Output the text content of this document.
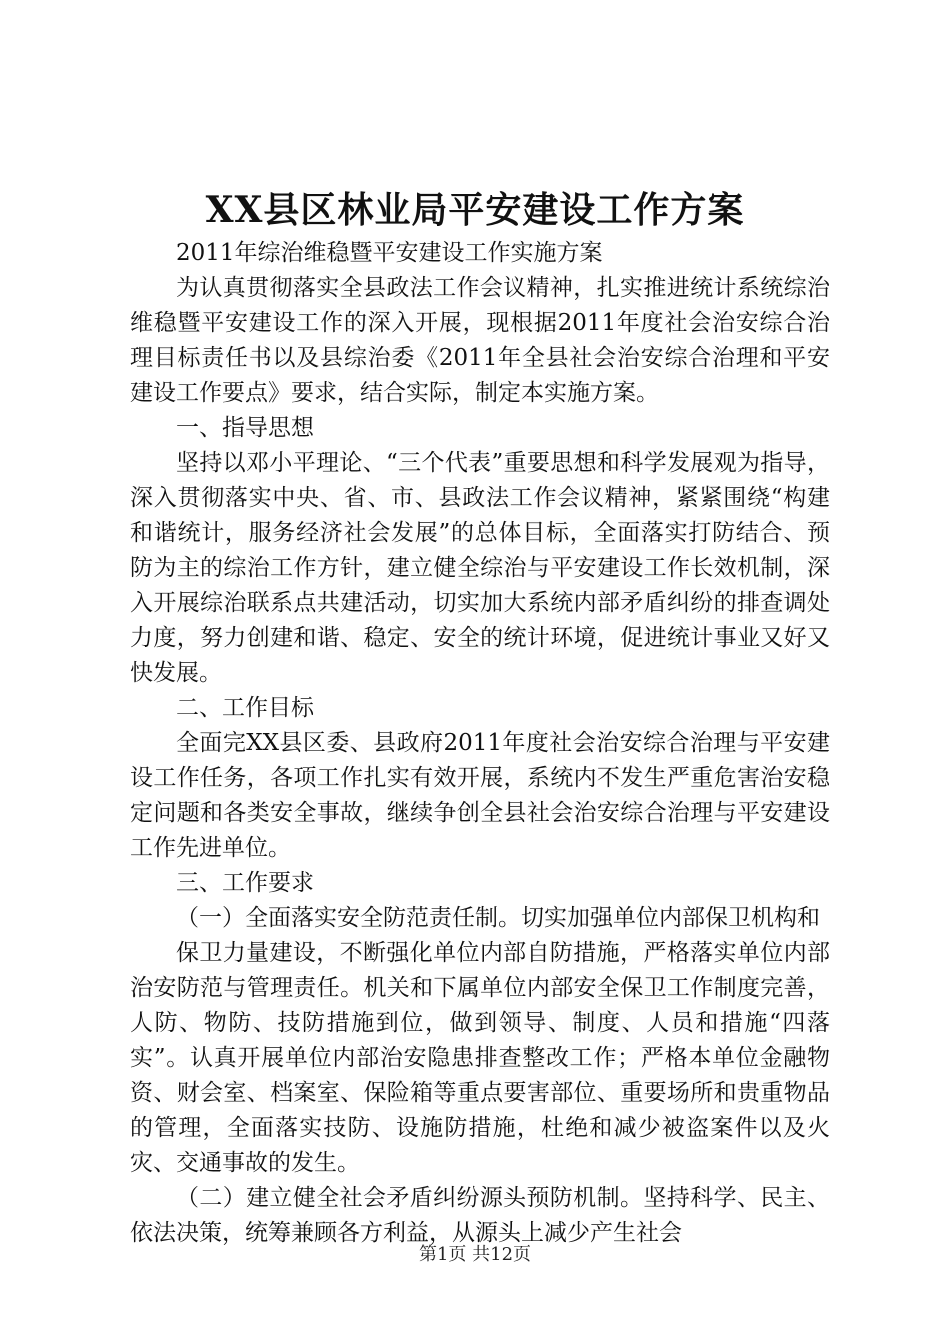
XX县区林业局平安建设工作方案

2011年综治维稳暨平安建设工作实施方案

为认真贯彻落实全县政法工作会议精神，扎实推进统计系统综治维稳暨平安建设工作的深入开展，现根据2011年度社会治安综合治理目标责任书以及县综治委《2011年全县社会治安综合治理和平安建设工作要点》要求，结合实际，制定本实施方案。

一、指导思想

坚持以邓小平理论、“三个代表”重要思想和科学发展观为指导，深入贯彻落实中央、省、市、县政法工作会议精神，紧紧围绕“构建和谐统计，服务经济社会发展”的总体目标，全面落实打防结合、预防为主的综治工作方针，建立健全综治与平安建设工作长效机制，深入开展综治联系点共建活动，切实加大系统内部矛盾纠纷的排查调处力度，努力创建和谐、稳定、安全的统计环境，促进统计事业又好又快发展。

二、工作目标

全面完XX县区委、县政府2011年度社会治安综合治理与平安建设工作任务，各项工作扎实有效开展，系统内不发生严重危害治安稳定问题和各类安全事故，继续争创全县社会治安综合治理与平安建设工作先进单位。

三、工作要求

（一）全面落实安全防范责任制。切实加强单位内部保卫机构和

保卫力量建设，不断强化单位内部自防措施，严格落实单位内部治安防范与管理责任。机关和下属单位内部安全保卫工作制度完善，人防、物防、技防措施到位，做到领导、制度、人员和措施“四落实”。认真开展单位内部治安隐患排查整改工作；严格本单位金融物资、财会室、档案室、保险箱等重点要害部位、重要场所和贵重物品的管理，全面落实技防、设施防措施，杜绝和减少被盗案件以及火灾、交通事故的发生。

（二）建立健全社会矛盾纠纷源头预防机制。坚持科学、民主、依法决策，统筹兼顾各方利益，从源头上减少产生社会

第1页 共12页
